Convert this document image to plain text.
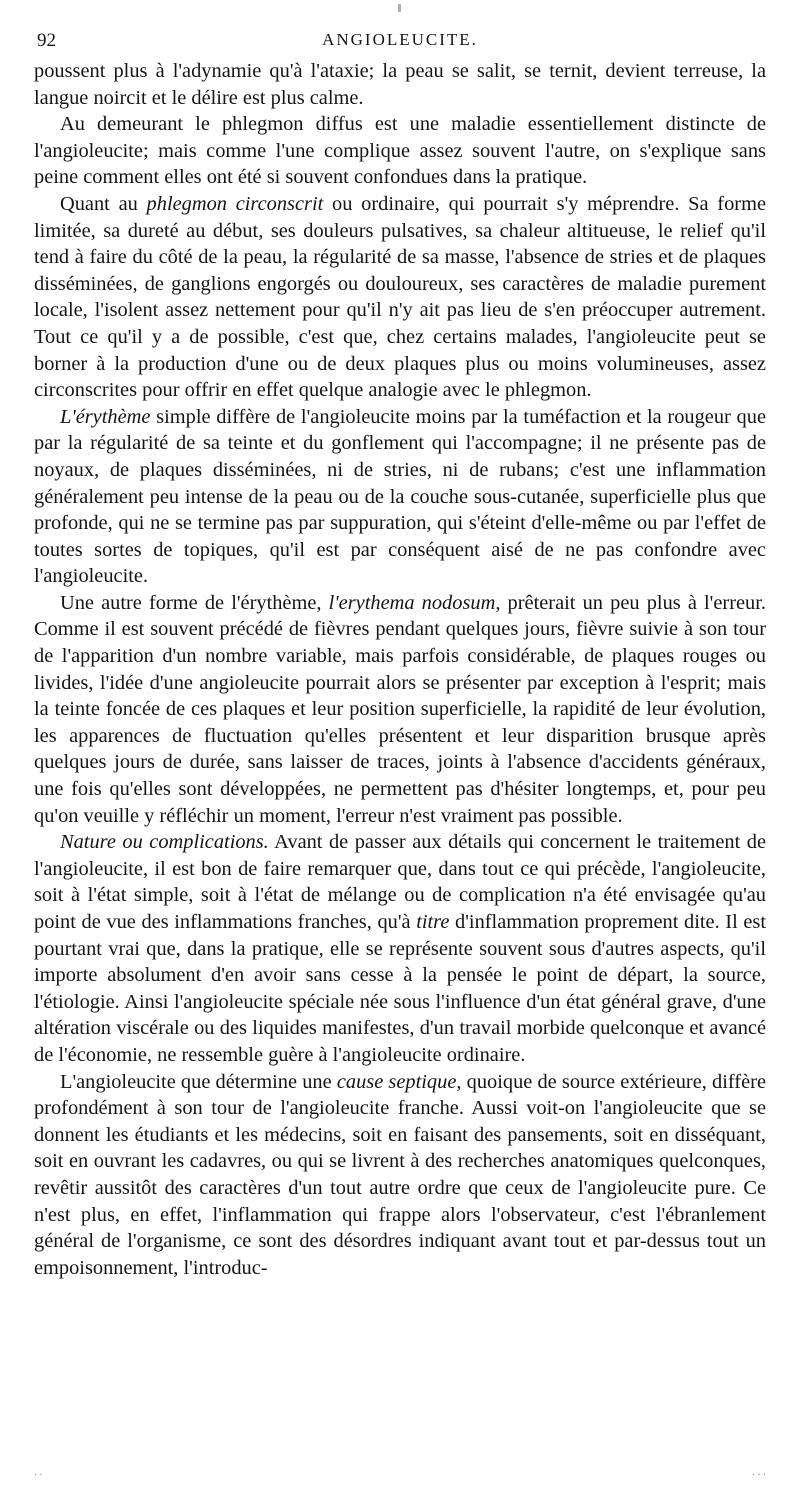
92	ANGIOLEUCITE.

poussent plus à l'adynamie qu'à l'ataxie; la peau se salit, se ternit, devient terreuse, la langue noircit et le délire est plus calme.

Au demeurant le phlegmon diffus est une maladie essentiellement distincte de l'angioleucite; mais comme l'une complique assez souvent l'autre, on s'explique sans peine comment elles ont été si souvent confondues dans la pratique.

Quant au phlegmon circonscrit ou ordinaire, qui pourrait s'y méprendre. Sa forme limitée, sa dureté au début, ses douleurs pulsatives, sa chaleur altitueuse, le relief qu'il tend à faire du côté de la peau, la régularité de sa masse, l'absence de stries et de plaques disséminées, de ganglions engorgés ou douloureux, ses caractères de maladie purement locale, l'isolent assez nettement pour qu'il n'y ait pas lieu de s'en préoccuper autrement. Tout ce qu'il y a de possible, c'est que, chez certains malades, l'angioleucite peut se borner à la production d'une ou de deux plaques plus ou moins volumineuses, assez circonscrites pour offrir en effet quelque analogie avec le phlegmon.

L'érythème simple diffère de l'angioleucite moins par la tuméfaction et la rougeur que par la régularité de sa teinte et du gonflement qui l'accompagne; il ne présente pas de noyaux, de plaques disséminées, ni de stries, ni de rubans; c'est une inflammation généralement peu intense de la peau ou de la couche sous-cutanée, superficielle plus que profonde, qui ne se termine pas par suppuration, qui s'éteint d'elle-même ou par l'effet de toutes sortes de topiques, qu'il est par conséquent aisé de ne pas confondre avec l'angioleucite.

Une autre forme de l'érythème, l'erythema nodosum, prêterait un peu plus à l'erreur. Comme il est souvent précédé de fièvres pendant quelques jours, fièvre suivie à son tour de l'apparition d'un nombre variable, mais parfois considérable, de plaques rouges ou livides, l'idée d'une angioleucite pourrait alors se présenter par exception à l'esprit; mais la teinte foncée de ces plaques et leur position superficielle, la rapidité de leur évolution, les apparences de fluctuation qu'elles présentent et leur disparition brusque après quelques jours de durée, sans laisser de traces, joints à l'absence d'accidents généraux, une fois qu'elles sont développées, ne permettent pas d'hésiter longtemps, et, pour peu qu'on veuille y réfléchir un moment, l'erreur n'est vraiment pas possible.

Nature ou complications. Avant de passer aux détails qui concernent le traitement de l'angioleucite, il est bon de faire remarquer que, dans tout ce qui précède, l'angioleucite, soit à l'état simple, soit à l'état de mélange ou de complication n'a été envisagée qu'au point de vue des inflammations franches, qu'à titre d'inflammation proprement dite. Il est pourtant vrai que, dans la pratique, elle se représente souvent sous d'autres aspects, qu'il importe absolument d'en avoir sans cesse à la pensée le point de départ, la source, l'étiologie. Ainsi l'angioleucite spéciale née sous l'influence d'un état général grave, d'une altération viscérale ou des liquides manifestes, d'un travail morbide quelconque et avancé de l'économie, ne ressemble guère à l'angioleucite ordinaire.

L'angioleucite que détermine une cause septique, quoique de source extérieure, diffère profondément à son tour de l'angioleucite franche. Aussi voit-on l'angioleucite que se donnent les étudiants et les médecins, soit en faisant des pansements, soit en disséquant, soit en ouvrant les cadavres, ou qui se livrent à des recherches anatomiques quelconques, revêtir aussitôt des caractères d'un tout autre ordre que ceux de l'angioleucite pure. Ce n'est plus, en effet, l'inflammation qui frappe alors l'observateur, c'est l'ébranlement général de l'organisme, ce sont des désordres indiquant avant tout et par-dessus tout un empoisonnement, l'introduc-

. .	. . .
